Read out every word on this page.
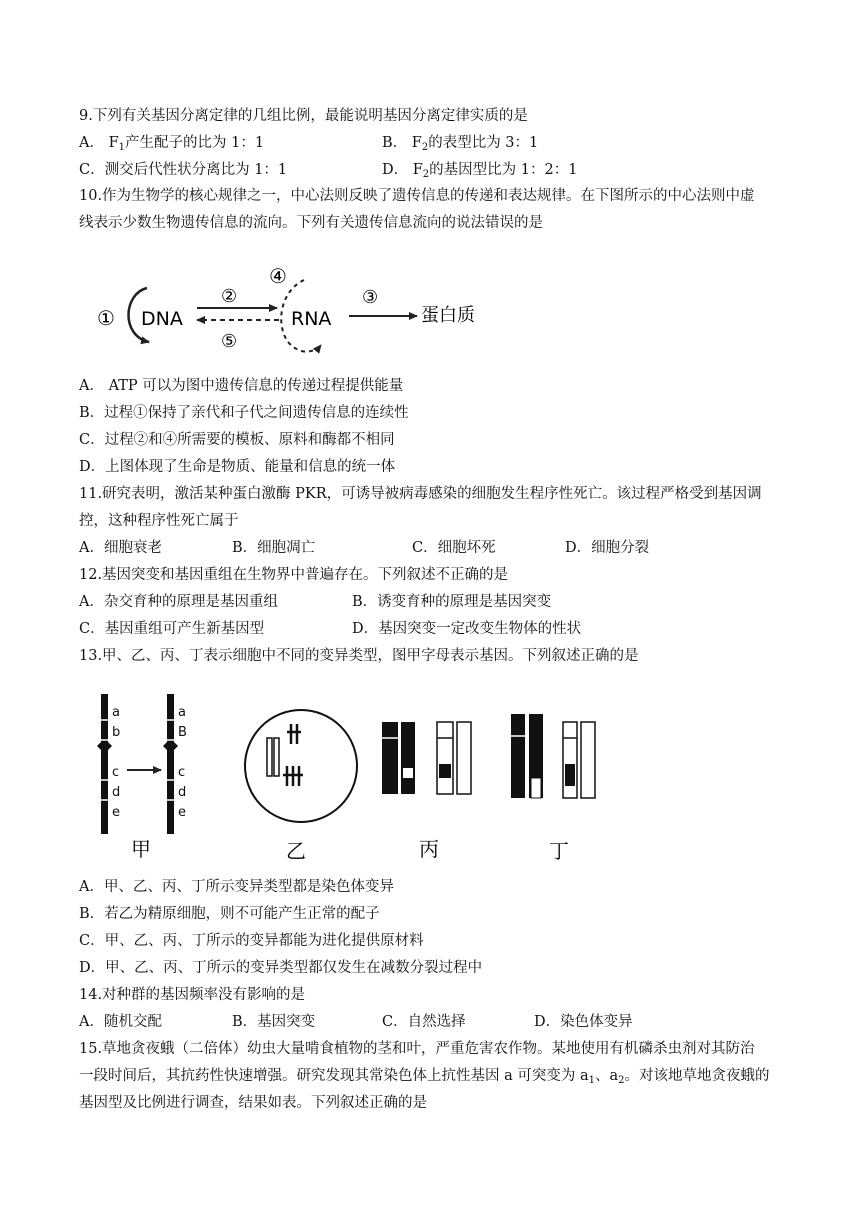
9.下列有关基因分离定律的几组比例，最能说明基因分离定律实质的是
A． $F_1$产生配子的比为 1：1	B． $F_2$的表型比为 3：1
C．测交后代性状分离比为 1：1	D． $F_2$的基因型比为 1：2：1
10.作为生物学的核心规律之一，中心法则反映了遗传信息的传递和表达规律。在下图所示的中心法则中虚
线表示少数生物遗传信息的流向。下列有关遗传信息流向的说法错误的是
① DNA
②
⑤
④
RNA
③
蛋白质
A． ATP 可以为图中遗传信息的传递过程提供能量
B．过程①保持了亲代和子代之间遗传信息的连续性
C．过程②和④所需要的模板、原料和酶都不相同
D．上图体现了生命是物质、能量和信息的统一体
11.研究表明，激活某种蛋白激酶 PKR，可诱导被病毒感染的细胞发生程序性死亡。该过程严格受到基因调
控，这种程序性死亡属于
A．细胞衰老	B．细胞凋亡	C．细胞坏死	D．细胞分裂
12.基因突变和基因重组在生物界中普遍存在。下列叙述不正确的是
A．杂交育种的原理是基因重组	B．诱变育种的原理是基因突变
C．基因重组可产生新基因型	D．基因突变一定改变生物体的性状
13.甲、乙、丙、丁表示细胞中不同的变异类型，图甲字母表示基因。下列叙述正确的是
a
b
c
d
e
a
B
c
d
e
甲	乙	丙	丁
A．甲、乙、丙、丁所示变异类型都是染色体变异
B．若乙为精原细胞，则不可能产生正常的配子
C．甲、乙、丙、丁所示的变异都能为进化提供原材料
D．甲、乙、丙、丁所示的变异类型都仅发生在减数分裂过程中
14.对种群的基因频率没有影响的是
A．随机交配	B．基因突变	C．自然选择	D．染色体变异
15.草地贪夜蛾（二倍体）幼虫大量啃食植物的茎和叶，严重危害农作物。某地使用有机磷杀虫剂对其防治
一段时间后，其抗药性快速增强。研究发现其常染色体上抗性基因 a 可突变为 $a_1$、$a_2$。对该地草地贪夜蛾的
基因型及比例进行调查，结果如表。下列叙述正确的是
